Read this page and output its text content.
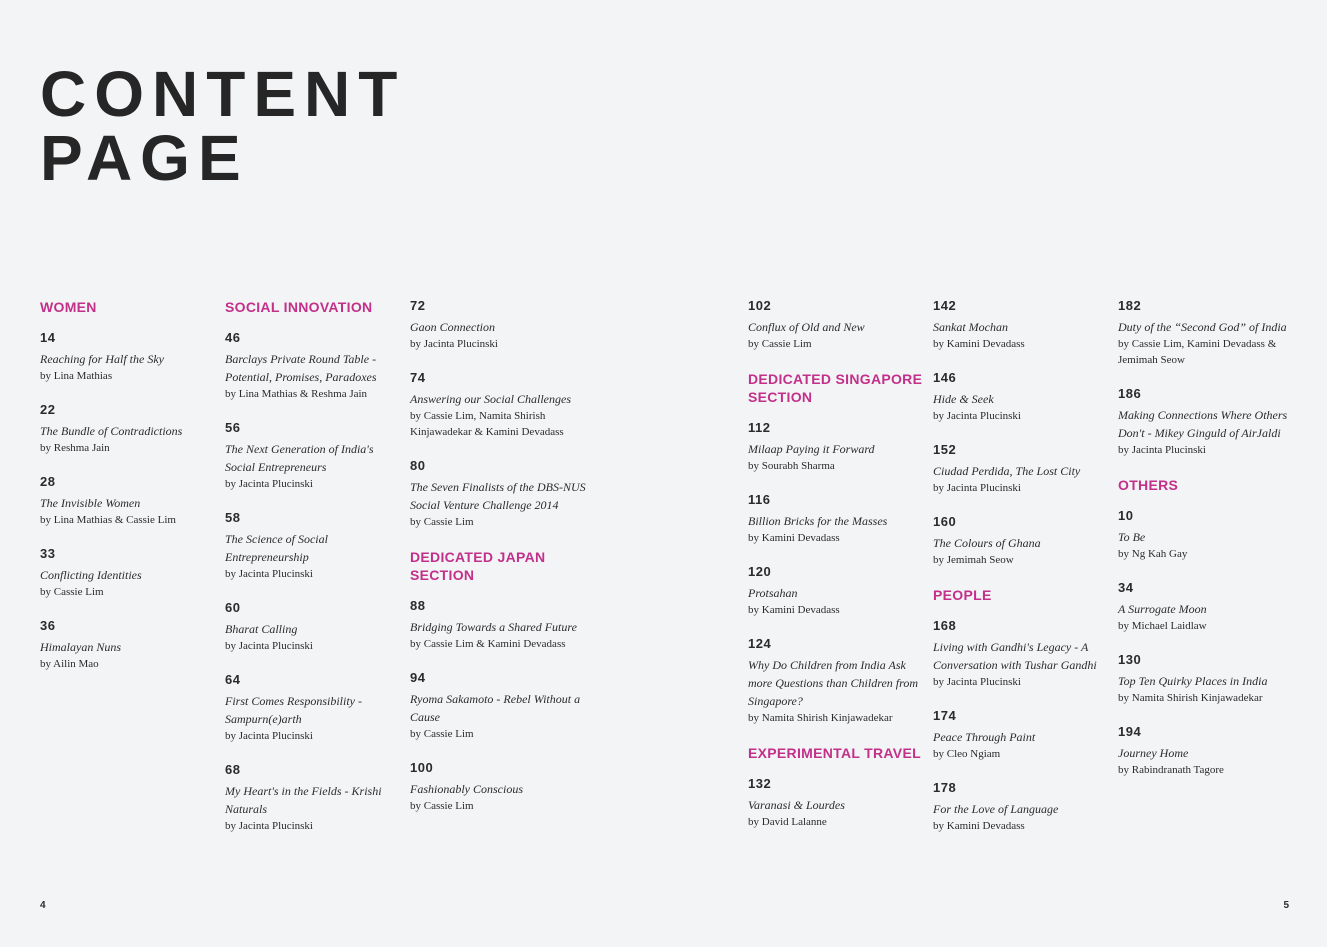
CONTENT
PAGE
WOMEN
14
Reaching for Half the Sky
by Lina Mathias
22
The Bundle of Contradictions
by Reshma Jain
28
The Invisible Women
by Lina Mathias & Cassie Lim
33
Conflicting Identities
by Cassie Lim
36
Himalayan Nuns
by Ailin Mao
SOCIAL INNOVATION
46
Barclays Private Round Table - Potential, Promises, Paradoxes
by Lina Mathias & Reshma Jain
56
The Next Generation of India's Social Entrepreneurs
by Jacinta Plucinski
58
The Science of Social Entrepreneurship
by Jacinta Plucinski
60
Bharat Calling
by Jacinta Plucinski
64
First Comes Responsibility - Sampurn(e)arth
by Jacinta Plucinski
68
My Heart's in the Fields - Krishi Naturals
by Jacinta Plucinski
72
Gaon Connection
by Jacinta Plucinski
74
Answering our Social Challenges
by Cassie Lim, Namita Shirish Kinjawadekar & Kamini Devadass
80
The Seven Finalists of the DBS-NUS Social Venture Challenge 2014
by Cassie Lim
DEDICATED JAPAN
SECTION
88
Bridging Towards a Shared Future
by Cassie Lim & Kamini Devadass
94
Ryoma Sakamoto - Rebel Without a Cause
by Cassie Lim
100
Fashionably Conscious
by Cassie Lim
102
Conflux of Old and New
by Cassie Lim
DEDICATED SINGAPORE
SECTION
112
Milaap Paying it Forward
by Sourabh Sharma
116
Billion Bricks for the Masses
by Kamini Devadass
120
Protsahan
by Kamini Devadass
124
Why Do Children from India Ask more Questions than Children from Singapore?
by Namita Shirish Kinjawadekar
EXPERIMENTAL TRAVEL
132
Varanasi & Lourdes
by David Lalanne
142
Sankat Mochan
by Kamini Devadass
146
Hide & Seek
by Jacinta Plucinski
152
Ciudad Perdida, The Lost City
by Jacinta Plucinski
160
The Colours of Ghana
by Jemimah Seow
PEOPLE
168
Living with Gandhi's Legacy - A Conversation with Tushar Gandhi
by Jacinta Plucinski
174
Peace Through Paint
by Cleo Ngiam
178
For the Love of Language
by Kamini Devadass
182
Duty of the “Second God” of India
by Cassie Lim, Kamini Devadass & Jemimah Seow
186
Making Connections Where Others Don't - Mikey Ginguld of AirJaldi
by Jacinta Plucinski
OTHERS
10
To Be
by Ng Kah Gay
34
A Surrogate Moon
by Michael Laidlaw
130
Top Ten Quirky Places in India
by Namita Shirish Kinjawadekar
194
Journey Home
by Rabindranath Tagore
4	5
